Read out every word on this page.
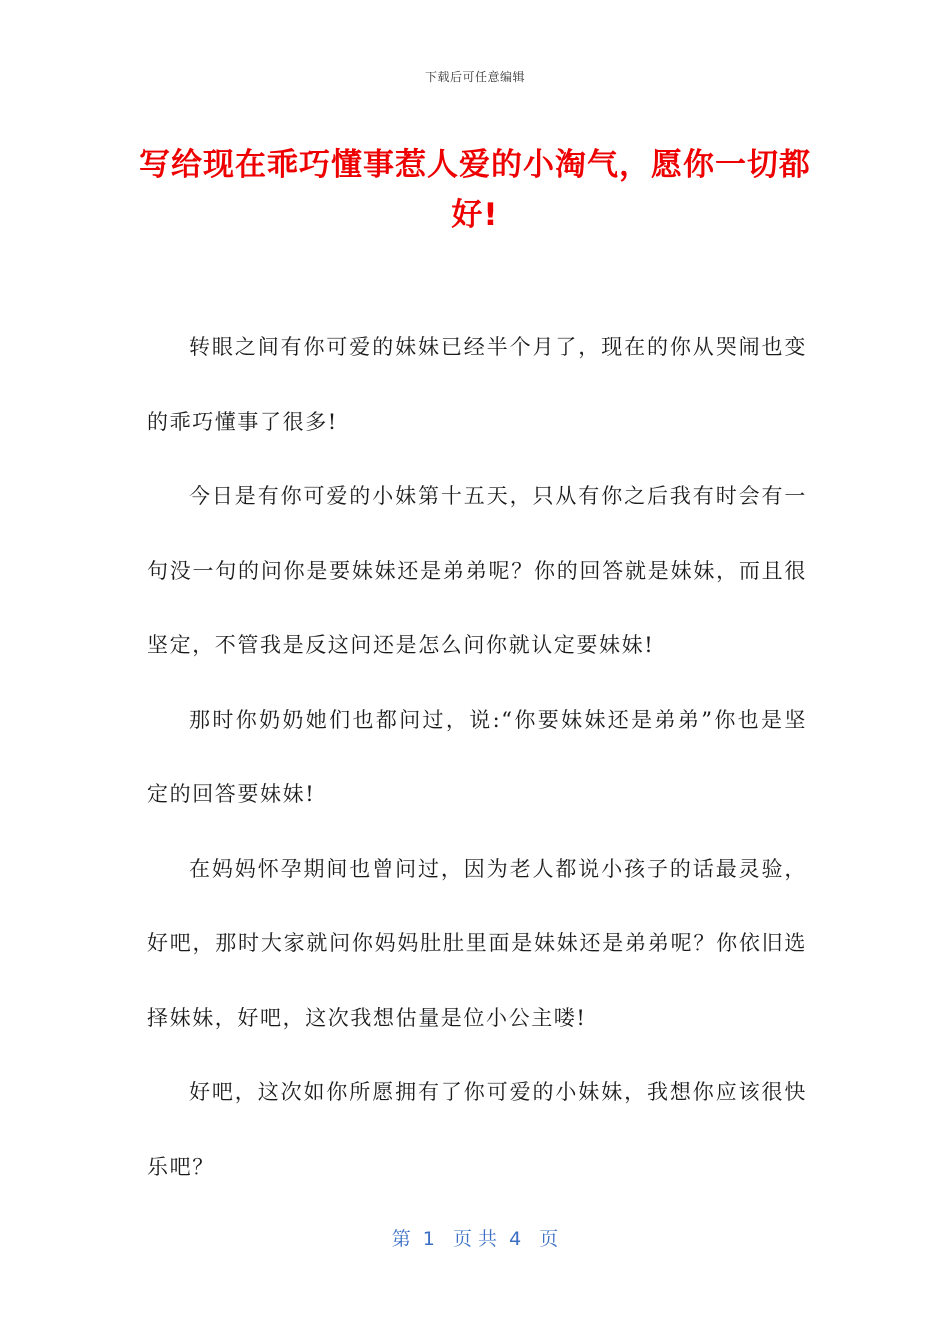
下载后可任意编辑
写给现在乖巧懂事惹人爱的小淘气，愿你一切都好!

转眼之间有你可爱的妹妹已经半个月了，现在的你从哭闹也变的乖巧懂事了很多!

今日是有你可爱的小妹第十五天，只从有你之后我有时会有一句没一句的问你是要妹妹还是弟弟呢？你的回答就是妹妹，而且很坚定，不管我是反这问还是怎么问你就认定要妹妹!

那时你奶奶她们也都问过，说:“你要妹妹还是弟弟”你也是坚定的回答要妹妹!

在妈妈怀孕期间也曾问过，因为老人都说小孩子的话最灵验，好吧，那时大家就问你妈妈肚肚里面是妹妹还是弟弟呢？你依旧选择妹妹，好吧，这次我想估量是位小公主喽!

好吧，这次如你所愿拥有了你可爱的小妹妹，我想你应该很快乐吧？

第  1   页 共  4   页
